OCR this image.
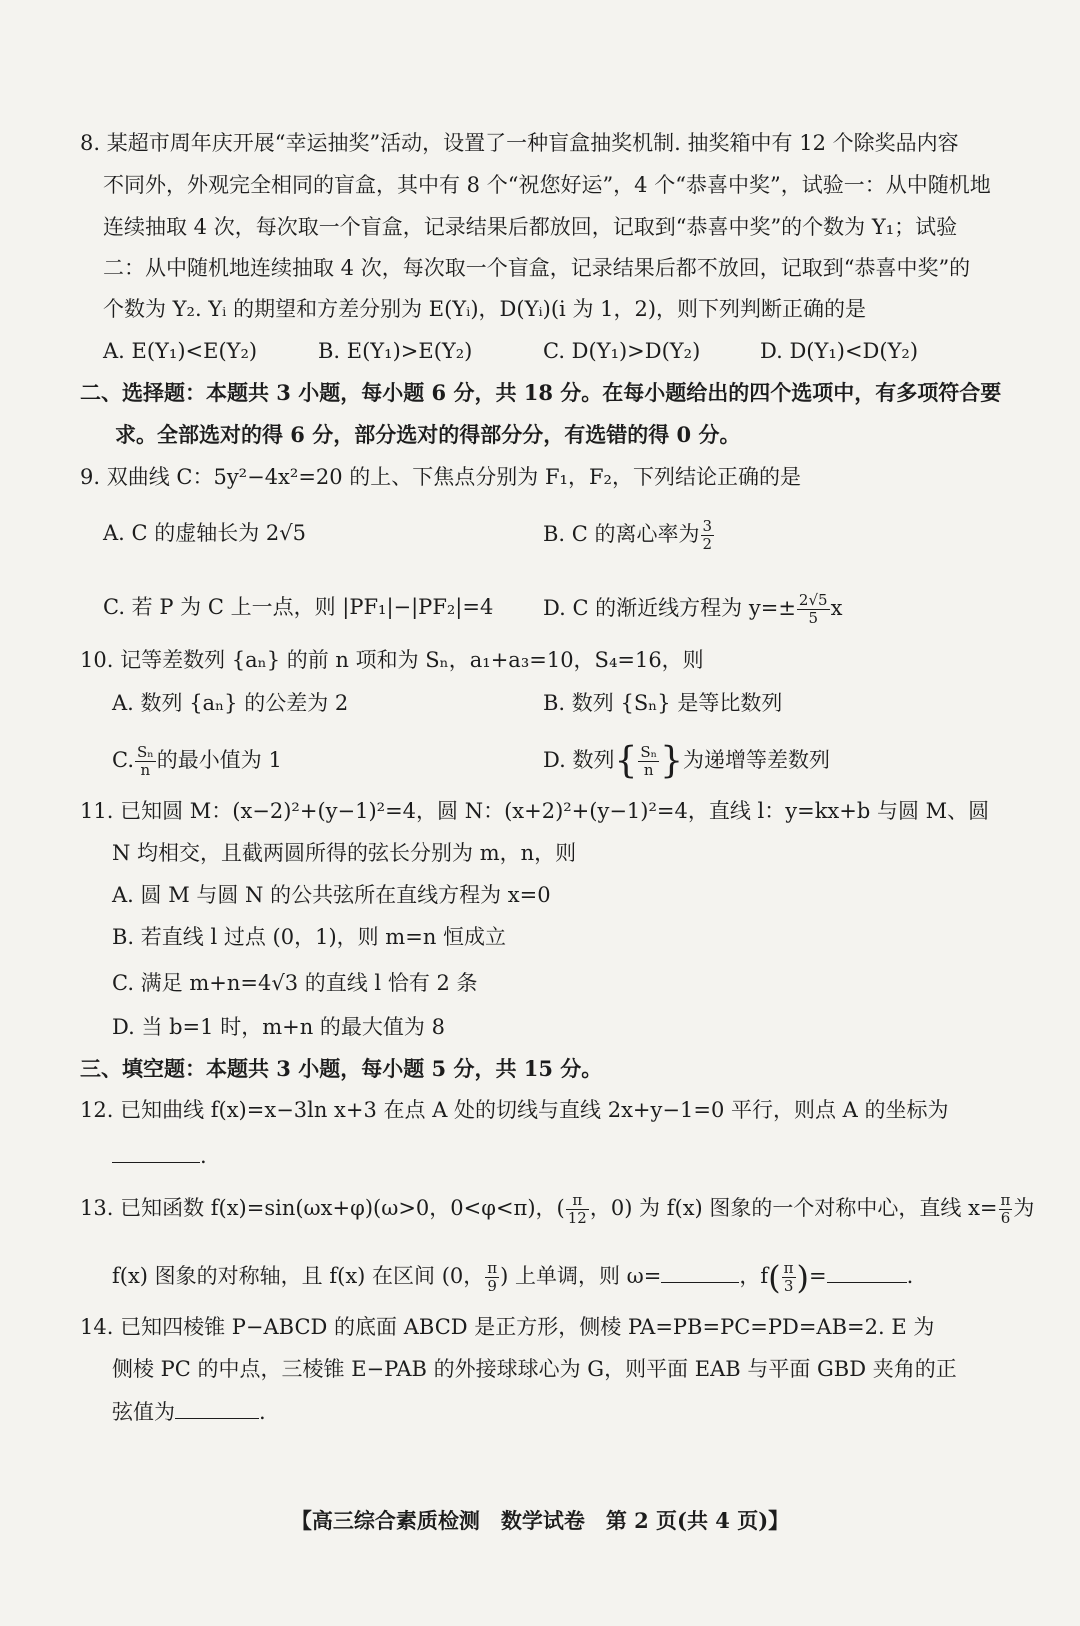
8. 某超市周年庆开展“幸运抽奖”活动，设置了一种盲盒抽奖机制. 抽奖箱中有 12 个除奖品内容
不同外，外观完全相同的盲盒，其中有 8 个“祝您好运”，4 个“恭喜中奖”，试验一：从中随机地
连续抽取 4 次，每次取一个盲盒，记录结果后都放回，记取到“恭喜中奖”的个数为 Y₁；试验
二：从中随机地连续抽取 4 次，每次取一个盲盒，记录结果后都不放回，记取到“恭喜中奖”的
个数为 Y₂. Yᵢ 的期望和方差分别为 E(Yᵢ)，D(Yᵢ)(i 为 1，2)，则下列判断正确的是
A. E(Y₁)<E(Y₂)	B. E(Y₁)>E(Y₂)	C. D(Y₁)>D(Y₂)	D. D(Y₁)<D(Y₂)
二、选择题：本题共 3 小题，每小题 6 分，共 18 分。在每小题给出的四个选项中，有多项符合要
求。全部选对的得 6 分，部分选对的得部分分，有选错的得 0 分。
9. 双曲线 C：5y²−4x²=20 的上、下焦点分别为 F₁，F₂，下列结论正确的是
A. C 的虚轴长为 2√5	B. C 的离心率为 $\frac{3}{2}$
C. 若 P 为 C 上一点，则 |PF₁|−|PF₂|=4 D. C 的渐近线方程为 $y=\pm \frac{2√5}{5}$ x
10. 记等差数列 {aₙ} 的前 n 项和为 Sₙ，a₁+a₃=10，S₄=16，则
A. 数列 {aₙ} 的公差为 2	B. 数列 {Sₙ} 是等比数列
C. $\frac{\text{Sₙ}}{n}$ 的最小值为 1	D. 数列{ $\frac{\text{Sₙ}}{n}$ }为递增等差数列
11. 已知圆 M：(x−2)²+(y−1)²=4，圆 N：(x+2)²+(y−1)²=4，直线 l：y=kx+b 与圆 M、圆
N 均相交，且截两圆所得的弦长分别为 m，n，则
A. 圆 M 与圆 N 的公共弦所在直线方程为 x=0
B. 若直线 l 过点 (0，1)，则 m=n 恒成立
C. 满足 m+n=4√3 的直线 l 恰有 2 条
D. 当 b=1 时，m+n 的最大值为 8
三、填空题：本题共 3 小题，每小题 5 分，共 15 分。
12. 已知曲线 f(x)=x−3ln x+3 在点 A 处的切线与直线 2x+y−1=0 平行，则点 A 的坐标为
.
13. 已知函数 f(x)=sin(ωx+φ)(ω>0，0<φ<π)，( $\frac{\pi}{12}$ ，0) 为 f(x) 图象的一个对称中心，直线 $x= \frac{\pi}{6}$ 为
f(x) 图象的对称轴，且 f(x) 在区间 (0， $\frac{\pi}{9}$ ) 上单调，则 ω=	，$f( \frac{\pi}{3}$ )=	.
14. 已知四棱锥 P−ABCD 的底面 ABCD 是正方形，侧棱 PA=PB=PC=PD=AB=2. E 为
侧棱 PC 的中点，三棱锥 E−PAB 的外接球球心为 G，则平面 EAB 与平面 GBD 夹角的正
弦值为	.
【高三综合素质检测　数学试卷　第 2 页(共 4 页)】
